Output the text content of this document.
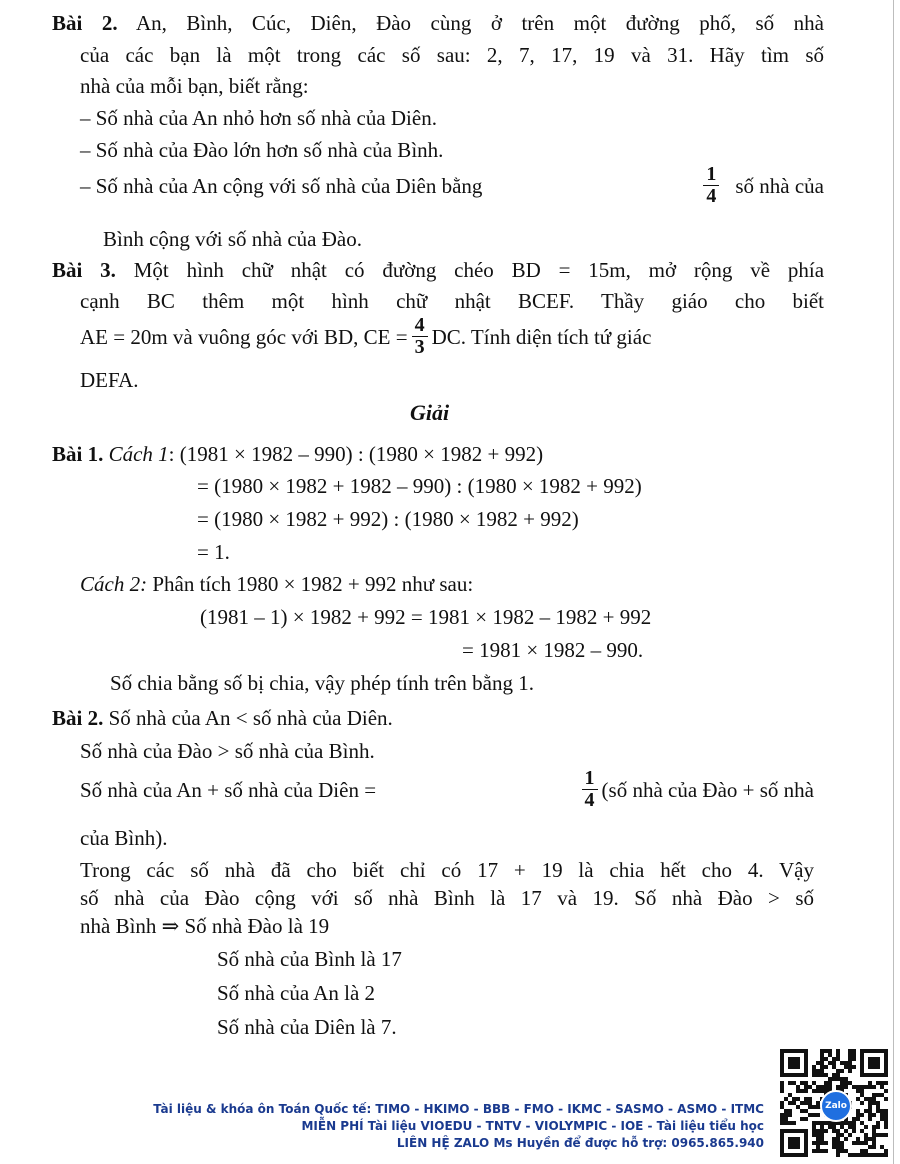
Bài 2. An, Bình, Cúc, Diên, Đào cùng ở trên một đường phố, số nhà
của các bạn là một trong các số sau: 2, 7, 17, 19 và 31. Hãy tìm số
nhà của mỗi bạn, biết rằng:
– Số nhà của An nhỏ hơn số nhà của Diên.
– Số nhà của Đào lớn hơn số nhà của Bình.
– Số nhà của An cộng với số nhà của Diên bằng	$\frac{1}{4}$ số nhà của
Bình cộng với số nhà của Đào.
Bài 3. Một hình chữ nhật có đường chéo BD = 15m, mở rộng về phía
cạnh BC thêm một hình chữ nhật BCEF. Thầy giáo cho biết
AE = 20m và vuông góc với BD, CE = $\frac{4}{3}$ DC. Tính diện tích tứ giác
DEFA.
Giải
Bài 1. Cách 1: (1981 × 1982 – 990) : (1980 × 1982 + 992)
= (1980 × 1982 + 1982 – 990) : (1980 × 1982 + 992)
= (1980 × 1982 + 992) : (1980 × 1982 + 992)
= 1.
Cách 2: Phân tích 1980 × 1982 + 992 như sau:
(1981 – 1) × 1982 + 992 = 1981 × 1982 – 1982 + 992
= 1981 × 1982 – 990.
Số chia bằng số bị chia, vậy phép tính trên bằng 1.
Bài 2. Số nhà của An < số nhà của Diên.
Số nhà của Đào > số nhà của Bình.
Số nhà của An + số nhà của Diên =	$\frac{1}{4}$ (số nhà của Đào + số nhà
của Bình).
Trong các số nhà đã cho biết chỉ có 17 + 19 là chia hết cho 4. Vậy
số nhà của Đào cộng với số nhà Bình là 17 và 19. Số nhà Đào > số
nhà Bình ⇒ Số nhà Đào là 19
Số nhà của Bình là 17
Số nhà của An là 2
Số nhà của Diên là 7.
Tài liệu & khóa ôn Toán Quốc tế: TIMO - HKIMO - BBB - FMO - IKMC - SASMO - ASMO - ITMC
MIỄN PHÍ Tài liệu VIOEDU - TNTV - VIOLYMPIC - IOE - Tài liệu tiểu học
LIÊN HỆ ZALO Ms Huyền để được hỗ trợ: 0965.865.940
Zalo
